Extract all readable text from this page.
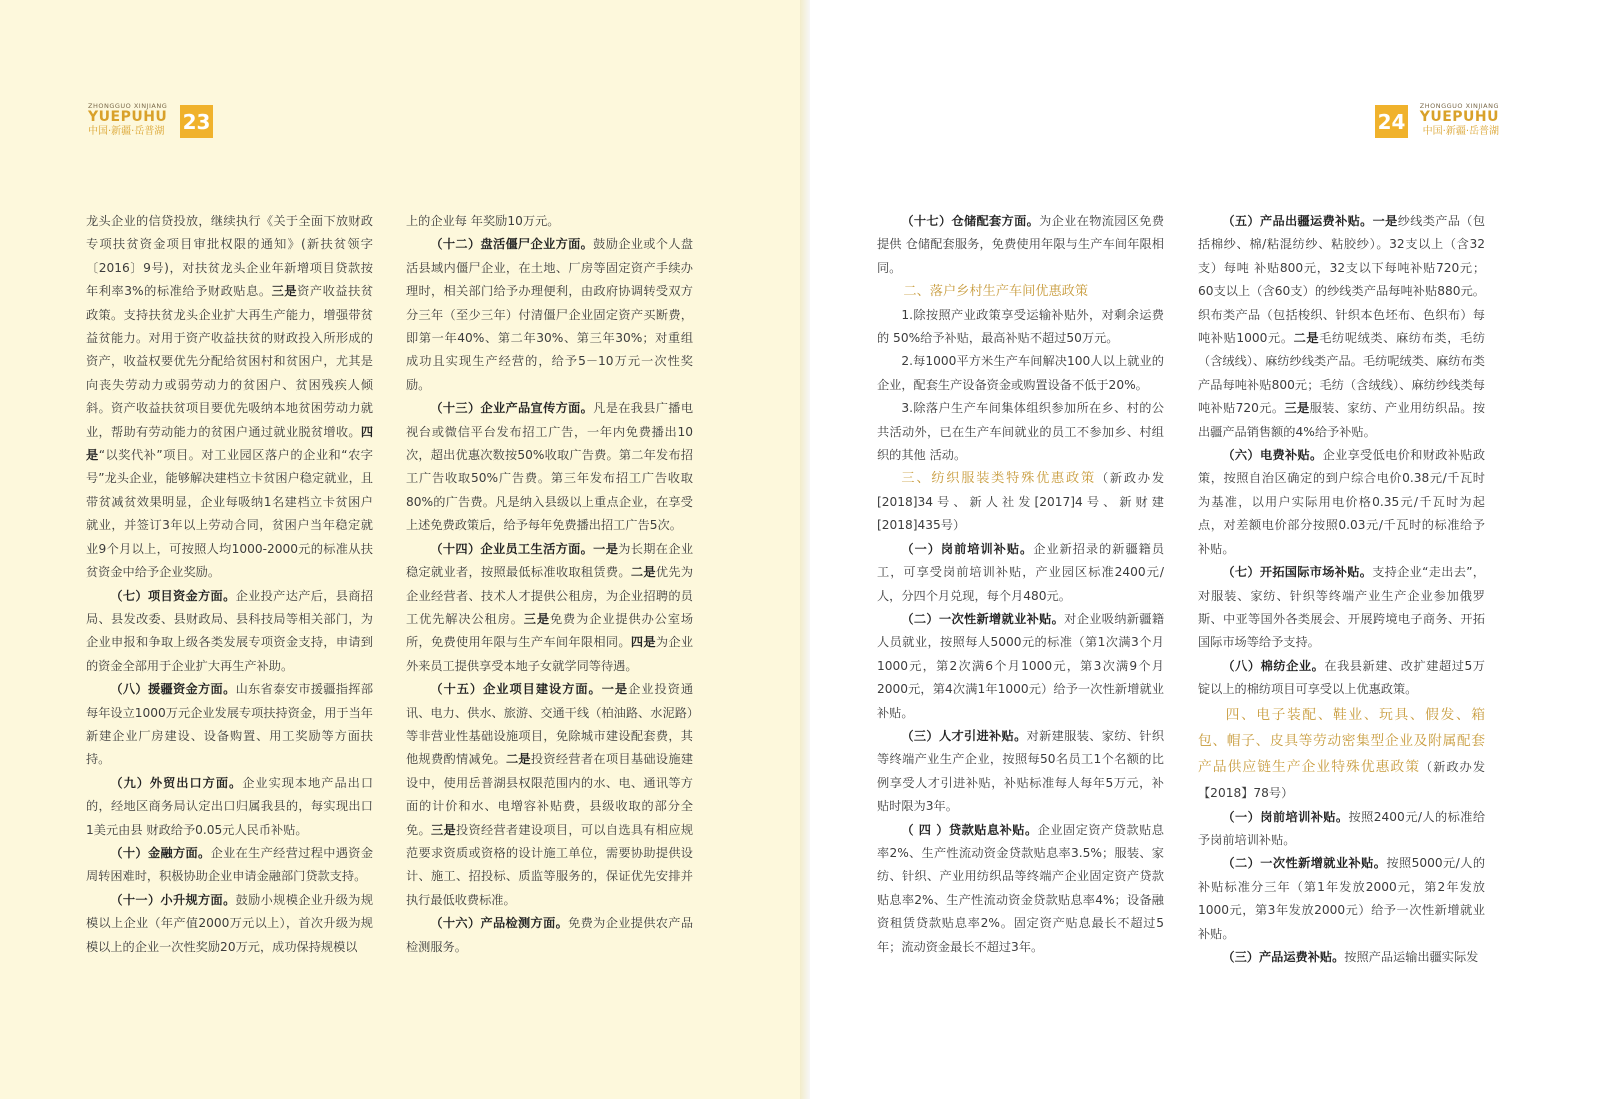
ZHONGGUO XINJIANG
YUEPUHU
中国·新疆·岳普湖 23	24
ZHONGGUO XINJIANG
YUEPUHU
中国·新疆·岳普湖

龙头企业的信贷投放，继续执行《关于全面下放财政专项扶贫资金项目审批权限的通知》(新扶贫领字〔2016〕9号)，对扶贫龙头企业年新增项目贷款按年利率3%的标准给予财政贴息。三是资产收益扶贫政策。支持扶贫龙头企业扩大再生产能力，增强带贫益贫能力。对用于资产收益扶贫的财政投入所形成的资产，收益权要优先分配给贫困村和贫困户，尤其是向丧失劳动力或弱劳动力的贫困户、贫困残疾人倾斜。资产收益扶贫项目要优先吸纳本地贫困劳动力就业，帮助有劳动能力的贫困户通过就业脱贫增收。四是“以奖代补”项目。对工业园区落户的企业和“农字号”龙头企业，能够解决建档立卡贫困户稳定就业，且带贫减贫效果明显，企业每吸纳1名建档立卡贫困户就业，并签订3年以上劳动合同，贫困户当年稳定就业9个月以上，可按照人均1000-2000元的标准从扶贫资金中给予企业奖励。

（七）项目资金方面。企业投产达产后，县商招局、县发改委、县财政局、县科技局等相关部门，为企业申报和争取上级各类发展专项资金支持，申请到的资金全部用于企业扩大再生产补助。

（八）援疆资金方面。山东省泰安市援疆指挥部每年设立1000万元企业发展专项扶持资金，用于当年新建企业厂房建设、设备购置、用工奖励等方面扶持。

（九）外贸出口方面。企业实现本地产品出口的，经地区商务局认定出口归属我县的，每实现出口1美元由县 财政给予0.05元人民币补贴。

（十）金融方面。企业在生产经营过程中遇资金周转困难时，积极协助企业申请金融部门贷款支持。

（十一）小升规方面。鼓励小规模企业升级为规模以上企业（年产值2000万元以上），首次升级为规模以上的企业一次性奖励20万元，成功保持规模以

上的企业每 年奖励10万元。

（十二）盘活僵尸企业方面。鼓励企业或个人盘活县域内僵尸企业，在土地、厂房等固定资产手续办理时，相关部门给予办理便利，由政府协调转受双方分三年（至少三年）付清僵尸企业固定资产买断费，即第一年40%、第二年30%、第三年30%；对重组成功且实现生产经营的，给予5－10万元一次性奖励。

（十三）企业产品宣传方面。凡是在我县广播电视台或微信平台发布招工广告，一年内免费播出10次，超出优惠次数按50%收取广告费。第二年发布招工广告收取50%广告费。第三年发布招工广告收取80%的广告费。凡是纳入县级以上重点企业，在享受上述免费政策后，给予每年免费播出招工广告5次。

（十四）企业员工生活方面。一是为长期在企业稳定就业者，按照最低标准收取租赁费。二是优先为企业经营者、技术人才提供公租房，为企业招聘的员工优先解决公租房。三是免费为企业提供办公室场所，免费使用年限与生产车间年限相同。四是为企业外来员工提供享受本地子女就学同等待遇。

（十五）企业项目建设方面。一是企业投资通讯、电力、供水、旅游、交通干线（柏油路、水泥路）等非营业性基础设施项目，免除城市建设配套费，其他规费酌情减免。二是投资经营者在项目基础设施建设中，使用岳普湖县权限范围内的水、电、通讯等方面的计价和水、电增容补贴费，县级收取的部分全免。三是投资经营者建设项目，可以自选具有相应规范要求资质或资格的设计施工单位，需要协助提供设计、施工、招投标、质监等服务的，保证优先安排并执行最低收费标准。

（十六）产品检测方面。免费为企业提供农产品检测服务。

（十七）仓储配套方面。为企业在物流园区免费提供 仓储配套服务，免费使用年限与生产车间年限相同。

二、落户乡村生产车间优惠政策

1.除按照产业政策享受运输补贴外，对剩余运费的 50%给予补贴，最高补贴不超过50万元。

2.每1000平方米生产车间解决100人以上就业的企业，配套生产设备资金或购置设备不低于20%。

3.除落户生产车间集体组织参加所在乡、村的公共活动外，已在生产车间就业的员工不参加乡、村组织的其他 活动。

三、纺织服装类特殊优惠政策（新政办发[2018]34号、新人社发[2017]4号、新财建[2018]435号）

（一）岗前培训补贴。企业新招录的新疆籍员工，可享受岗前培训补贴，产业园区标准2400元/人，分四个月兑现，每个月480元。

（二）一次性新增就业补贴。对企业吸纳新疆籍人员就业，按照每人5000元的标准（第1次满3个月1000元，第2次满6个月1000元，第3次满9个月2000元，第4次满1年1000元）给予一次性新增就业补贴。

（三）人才引进补贴。对新建服装、家纺、针织等终端产业生产企业，按照每50名员工1个名额的比例享受人才引进补贴，补贴标准每人每年5万元，补贴时限为3年。

（ 四 ）贷款贴息补贴。企业固定资产贷款贴息率2%、生产性流动资金贷款贴息率3.5%；服装、家纺、针织、产业用纺织品等终端产企业固定资产贷款贴息率2%、生产性流动资金贷款贴息率4%；设备融资租赁贷款贴息率2%。固定资产贴息最长不超过5年；流动资金最长不超过3年。

（五）产品出疆运费补贴。一是纱线类产品（包括棉纱、棉/粘混纺纱、粘胶纱）。32支以上（含32支）每吨 补贴800元，32支以下每吨补贴720元；60支以上（含60支）的纱线类产品每吨补贴880元。织布类产品（包括梭织、针织本色坯布、色织布）每吨补贴1000元。二是毛纺呢绒类、麻纺布类，毛纺（含绒线）、麻纺纱线类产品。毛纺呢绒类、麻纺布类产品每吨补贴800元；毛纺（含绒线）、麻纺纱线类每吨补贴720元。三是服装、家纺、产业用纺织品。按出疆产品销售额的4%给予补贴。

（六）电费补贴。企业享受低电价和财政补贴政策，按照自治区确定的到户综合电价0.38元/千瓦时为基准，以用户实际用电价格0.35元/千瓦时为起点，对差额电价部分按照0.03元/千瓦时的标准给予补贴。

（七）开拓国际市场补贴。支持企业“走出去”，对服装、家纺、针织等终端产业生产企业参加俄罗斯、中亚等国外各类展会、开展跨境电子商务、开拓国际市场等给予支持。

（八）棉纺企业。在我县新建、改扩建超过5万锭以上的棉纺项目可享受以上优惠政策。

四、电子装配、鞋业、玩具、假发、箱包、帽子、皮具等劳动密集型企业及附属配套产品供应链生产企业特殊优惠政策（新政办发【2018】78号）

（一）岗前培训补贴。按照2400元/人的标准给予岗前培训补贴。

（二）一次性新增就业补贴。按照5000元/人的补贴标准分三年（第1年发放2000元，第2年发放1000元，第3年发放2000元）给予一次性新增就业补贴。

（三）产品运费补贴。按照产品运输出疆实际发
